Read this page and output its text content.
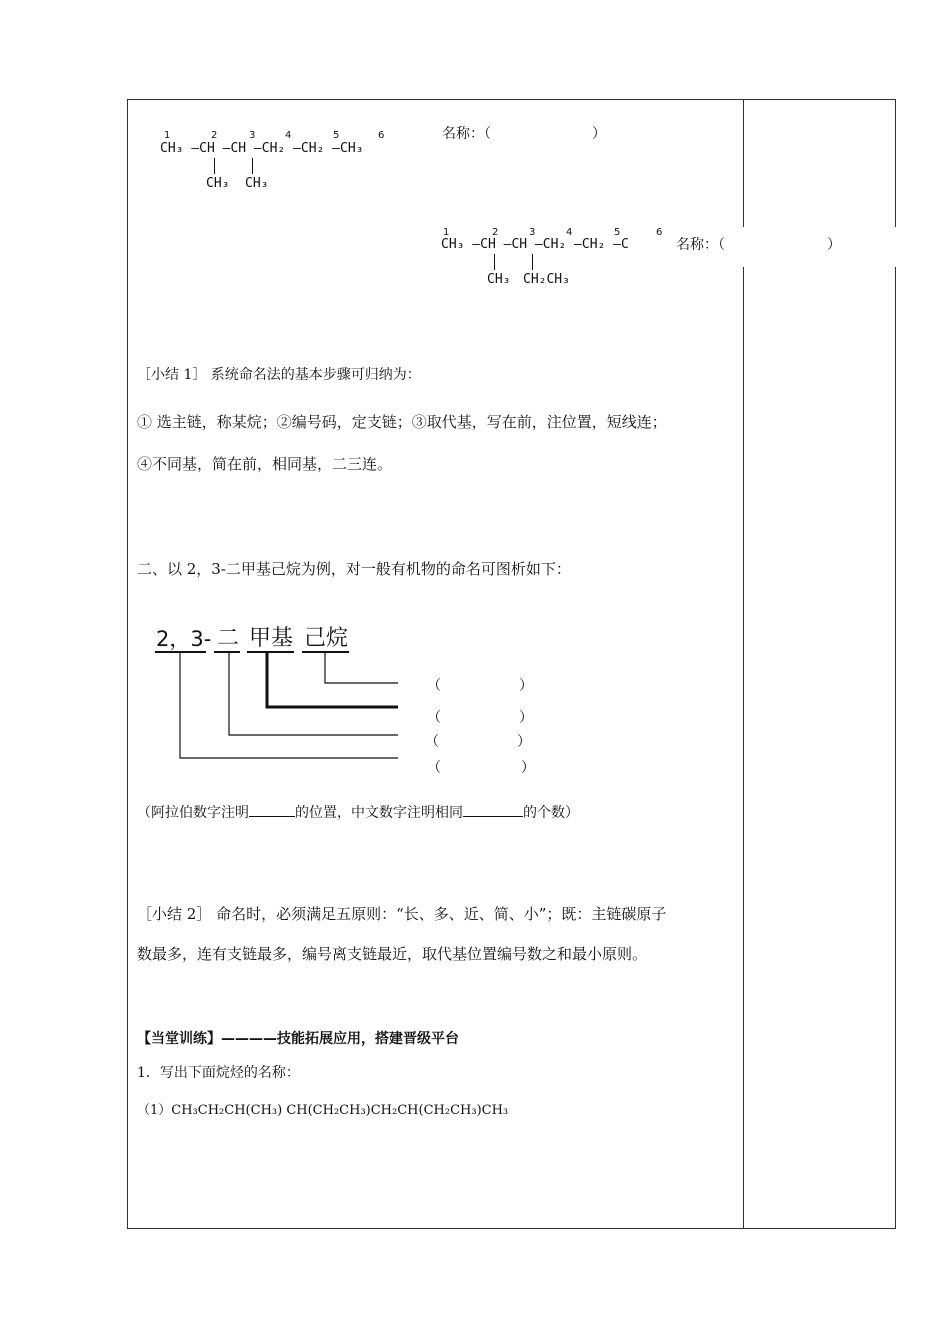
1	2	3	4	5	6
CH₃ —CH —CH —CH₂ —CH₂ —CH₃
CH₃ CH₃
名称：（	）
1	2	3	4	5	6
CH₃ —CH —CH —CH₂ —CH₂ —C
CH₃ CH₂CH₃
名称：（	）
［小结 1］ 系统命名法的基本步骤可归纳为：
① 选主链，称某烷；②编号码，定支链；③取代基，写在前，注位置，短线连；
④不同基，简在前，相同基，二三连。
二、以 2，3-二甲基己烷为例，对一般有机物的命名可图析如下：
2，3- 二 甲基 己烷
（	）
（	）
（	）
（	）
（阿拉伯数字注明	的位置，中文数字注明相同	的个数）
［小结 2］ 命名时，必须满足五原则：“长、多、近、简、小”；既：主链碳原子
数最多，连有支链最多，编号离支链最近，取代基位置编号数之和最小原则。
【当堂训练】————技能拓展应用，搭建晋级平台
1．写出下面烷烃的名称：
（1）CH₃CH₂CH(CH₃) CH(CH₂CH₃)CH₂CH(CH₂CH₃)CH₃
